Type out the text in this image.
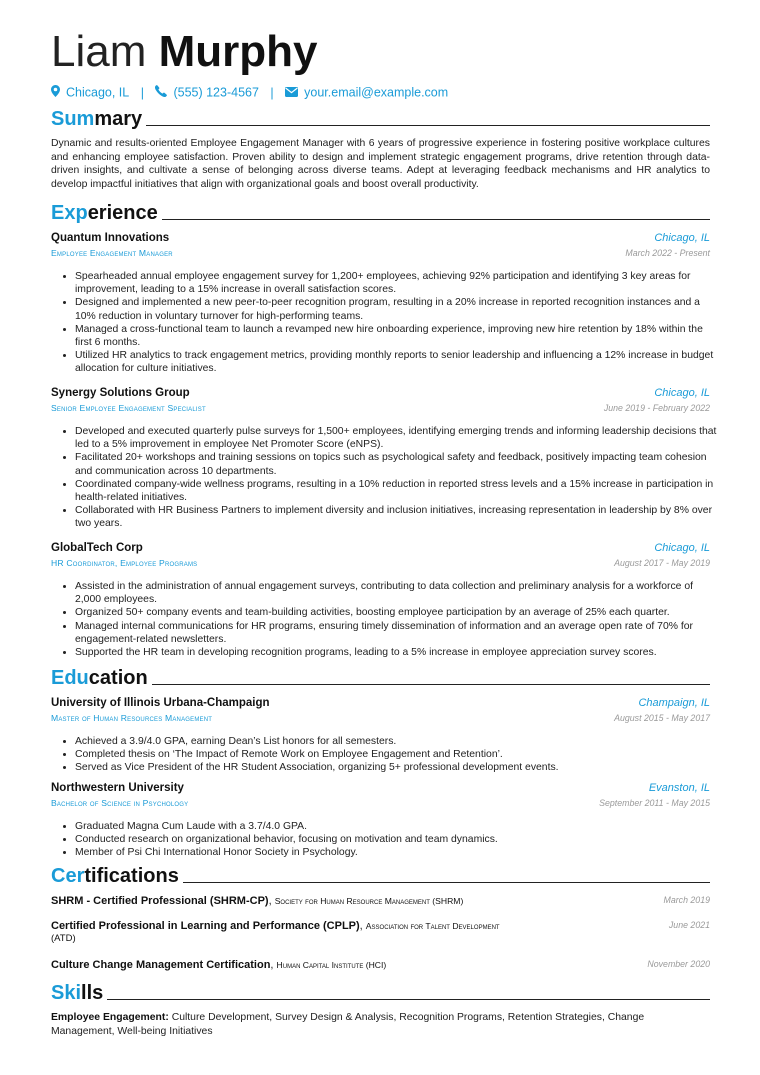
Liam Murphy
Chicago, IL | (555) 123-4567 | your.email@example.com
Summary
Dynamic and results-oriented Employee Engagement Manager with 6 years of progressive experience in fostering positive workplace cultures and enhancing employee satisfaction. Proven ability to design and implement strategic engagement programs, drive retention through data-driven insights, and cultivate a sense of belonging across diverse teams. Adept at leveraging feedback mechanisms and HR analytics to develop impactful initiatives that align with organizational goals and boost overall productivity.
Experience
Quantum Innovations	Chicago, IL
Employee Engagement Manager	March 2022 - Present
• Spearheaded annual employee engagement survey for 1,200+ employees, achieving 92% participation and identifying 3 key areas for improvement, leading to a 15% increase in overall satisfaction scores.
• Designed and implemented a new peer-to-peer recognition program, resulting in a 20% increase in reported recognition instances and a 10% reduction in voluntary turnover for high-performing teams.
• Managed a cross-functional team to launch a revamped new hire onboarding experience, improving new hire retention by 18% within the first 6 months.
• Utilized HR analytics to track engagement metrics, providing monthly reports to senior leadership and influencing a 12% increase in budget allocation for culture initiatives.
Synergy Solutions Group	Chicago, IL
Senior Employee Engagement Specialist	June 2019 - February 2022
• Developed and executed quarterly pulse surveys for 1,500+ employees, identifying emerging trends and informing leadership decisions that led to a 5% improvement in employee Net Promoter Score (eNPS).
• Facilitated 20+ workshops and training sessions on topics such as psychological safety and feedback, positively impacting team cohesion and communication across 10 departments.
• Coordinated company-wide wellness programs, resulting in a 10% reduction in reported stress levels and a 15% increase in participation in health-related initiatives.
• Collaborated with HR Business Partners to implement diversity and inclusion initiatives, increasing representation in leadership by 8% over two years.
GlobalTech Corp	Chicago, IL
HR Coordinator, Employee Programs	August 2017 - May 2019
• Assisted in the administration of annual engagement surveys, contributing to data collection and preliminary analysis for a workforce of 2,000 employees.
• Organized 50+ company events and team-building activities, boosting employee participation by an average of 25% each quarter.
• Managed internal communications for HR programs, ensuring timely dissemination of information and an average open rate of 70% for engagement-related newsletters.
• Supported the HR team in developing recognition programs, leading to a 5% increase in employee appreciation survey scores.
Education
University of Illinois Urbana-Champaign	Champaign, IL
Master of Human Resources Management	August 2015 - May 2017
• Achieved a 3.9/4.0 GPA, earning Dean’s List honors for all semesters.
• Completed thesis on ‘The Impact of Remote Work on Employee Engagement and Retention’.
• Served as Vice President of the HR Student Association, organizing 5+ professional development events.
Northwestern University	Evanston, IL
Bachelor of Science in Psychology	September 2011 - May 2015
• Graduated Magna Cum Laude with a 3.7/4.0 GPA.
• Conducted research on organizational behavior, focusing on motivation and team dynamics.
• Member of Psi Chi International Honor Society in Psychology.
Certifications
SHRM - Certified Professional (SHRM-CP), Society for Human Resource Management (SHRM)	March 2019
Certified Professional in Learning and Performance (CPLP), Association for Talent Development	June 2021
(ATD)
Culture Change Management Certification, Human Capital Institute (HCI)	November 2020
Skills
Employee Engagement: Culture Development, Survey Design & Analysis, Recognition Programs, Retention Strategies, Change Management, Well-being Initiatives
